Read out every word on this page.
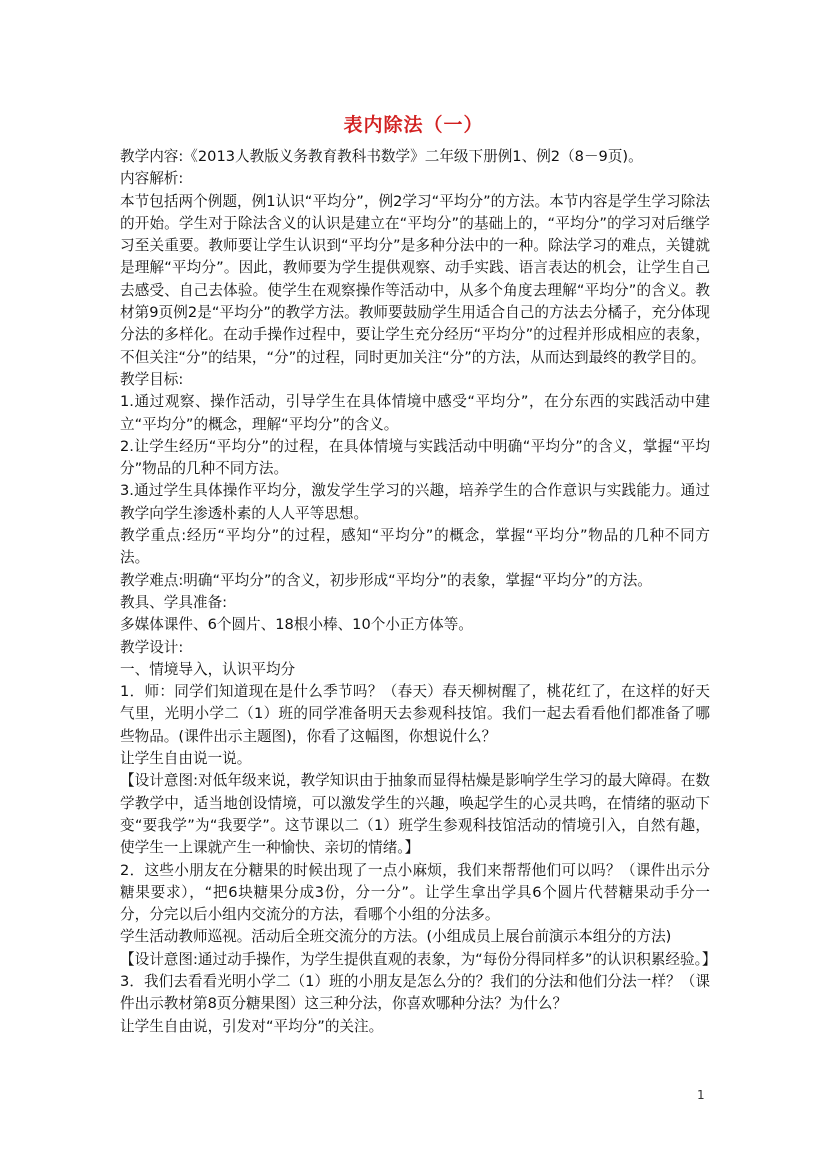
表内除法（一）

教学内容:《2013人教版义务教育教科书数学》二年级下册例1、例2（8－9页)。

内容解析:

本节包括两个例题，例1认识“平均分”，例2学习“平均分”的方法。本节内容是学生学习除法的开始。学生对于除法含义的认识是建立在“平均分”的基础上的，“平均分”的学习对后继学习至关重要。教师要让学生认识到“平均分”是多种分法中的一种。除法学习的难点，关键就是理解“平均分”。因此，教师要为学生提供观察、动手实践、语言表达的机会，让学生自己去感受、自己去体验。使学生在观察操作等活动中，从多个角度去理解“平均分”的含义。教材第9页例2是“平均分”的教学方法。教师要鼓励学生用适合自己的方法去分橘子，充分体现分法的多样化。在动手操作过程中，要让学生充分经历“平均分”的过程并形成相应的表象，不但关注“分”的结果，“分”的过程，同时更加关注“分”的方法，从而达到最终的教学目的。

教学目标:

1.通过观察、操作活动，引导学生在具体情境中感受“平均分”，在分东西的实践活动中建立“平均分”的概念，理解“平均分”的含义。

2.让学生经历“平均分”的过程，在具体情境与实践活动中明确“平均分”的含义，掌握“平均分”物品的几种不同方法。

3.通过学生具体操作平均分，激发学生学习的兴趣，培养学生的合作意识与实践能力。通过教学向学生渗透朴素的人人平等思想。

教学重点:经历“平均分”的过程，感知“平均分”的概念，掌握“平均分”物品的几种不同方法。

教学难点:明确“平均分”的含义，初步形成“平均分”的表象，掌握“平均分”的方法。

教具、学具准备:

多媒体课件、6个圆片、18根小棒、10个小正方体等。

教学设计:

一、情境导入，认识平均分

1．师：同学们知道现在是什么季节吗？（春天）春天柳树醒了，桃花红了，在这样的好天气里，光明小学二（1）班的同学准备明天去参观科技馆。我们一起去看看他们都准备了哪些物品。(课件出示主题图)，你看了这幅图，你想说什么？

让学生自由说一说。

【设计意图:对低年级来说，教学知识由于抽象而显得枯燥是影响学生学习的最大障碍。在数学教学中，适当地创设情境，可以激发学生的兴趣，唤起学生的心灵共鸣，在情绪的驱动下变“要我学”为“我要学”。这节课以二（1）班学生参观科技馆活动的情境引入，自然有趣，使学生一上课就产生一种愉快、亲切的情绪。】

2．这些小朋友在分糖果的时候出现了一点小麻烦，我们来帮帮他们可以吗？（课件出示分糖果要求），“把6块糖果分成3份，分一分”。让学生拿出学具6个圆片代替糖果动手分一分，分完以后小组内交流分的方法，看哪个小组的分法多。

学生活动教师巡视。活动后全班交流分的方法。(小组成员上展台前演示本组分的方法)

【设计意图:通过动手操作，为学生提供直观的表象，为“每份分得同样多”的认识积累经验。】

3．我们去看看光明小学二（1）班的小朋友是怎么分的？我们的分法和他们分法一样？（课件出示教材第8页分糖果图）这三种分法，你喜欢哪种分法？为什么？

让学生自由说，引发对“平均分”的关注。

1
